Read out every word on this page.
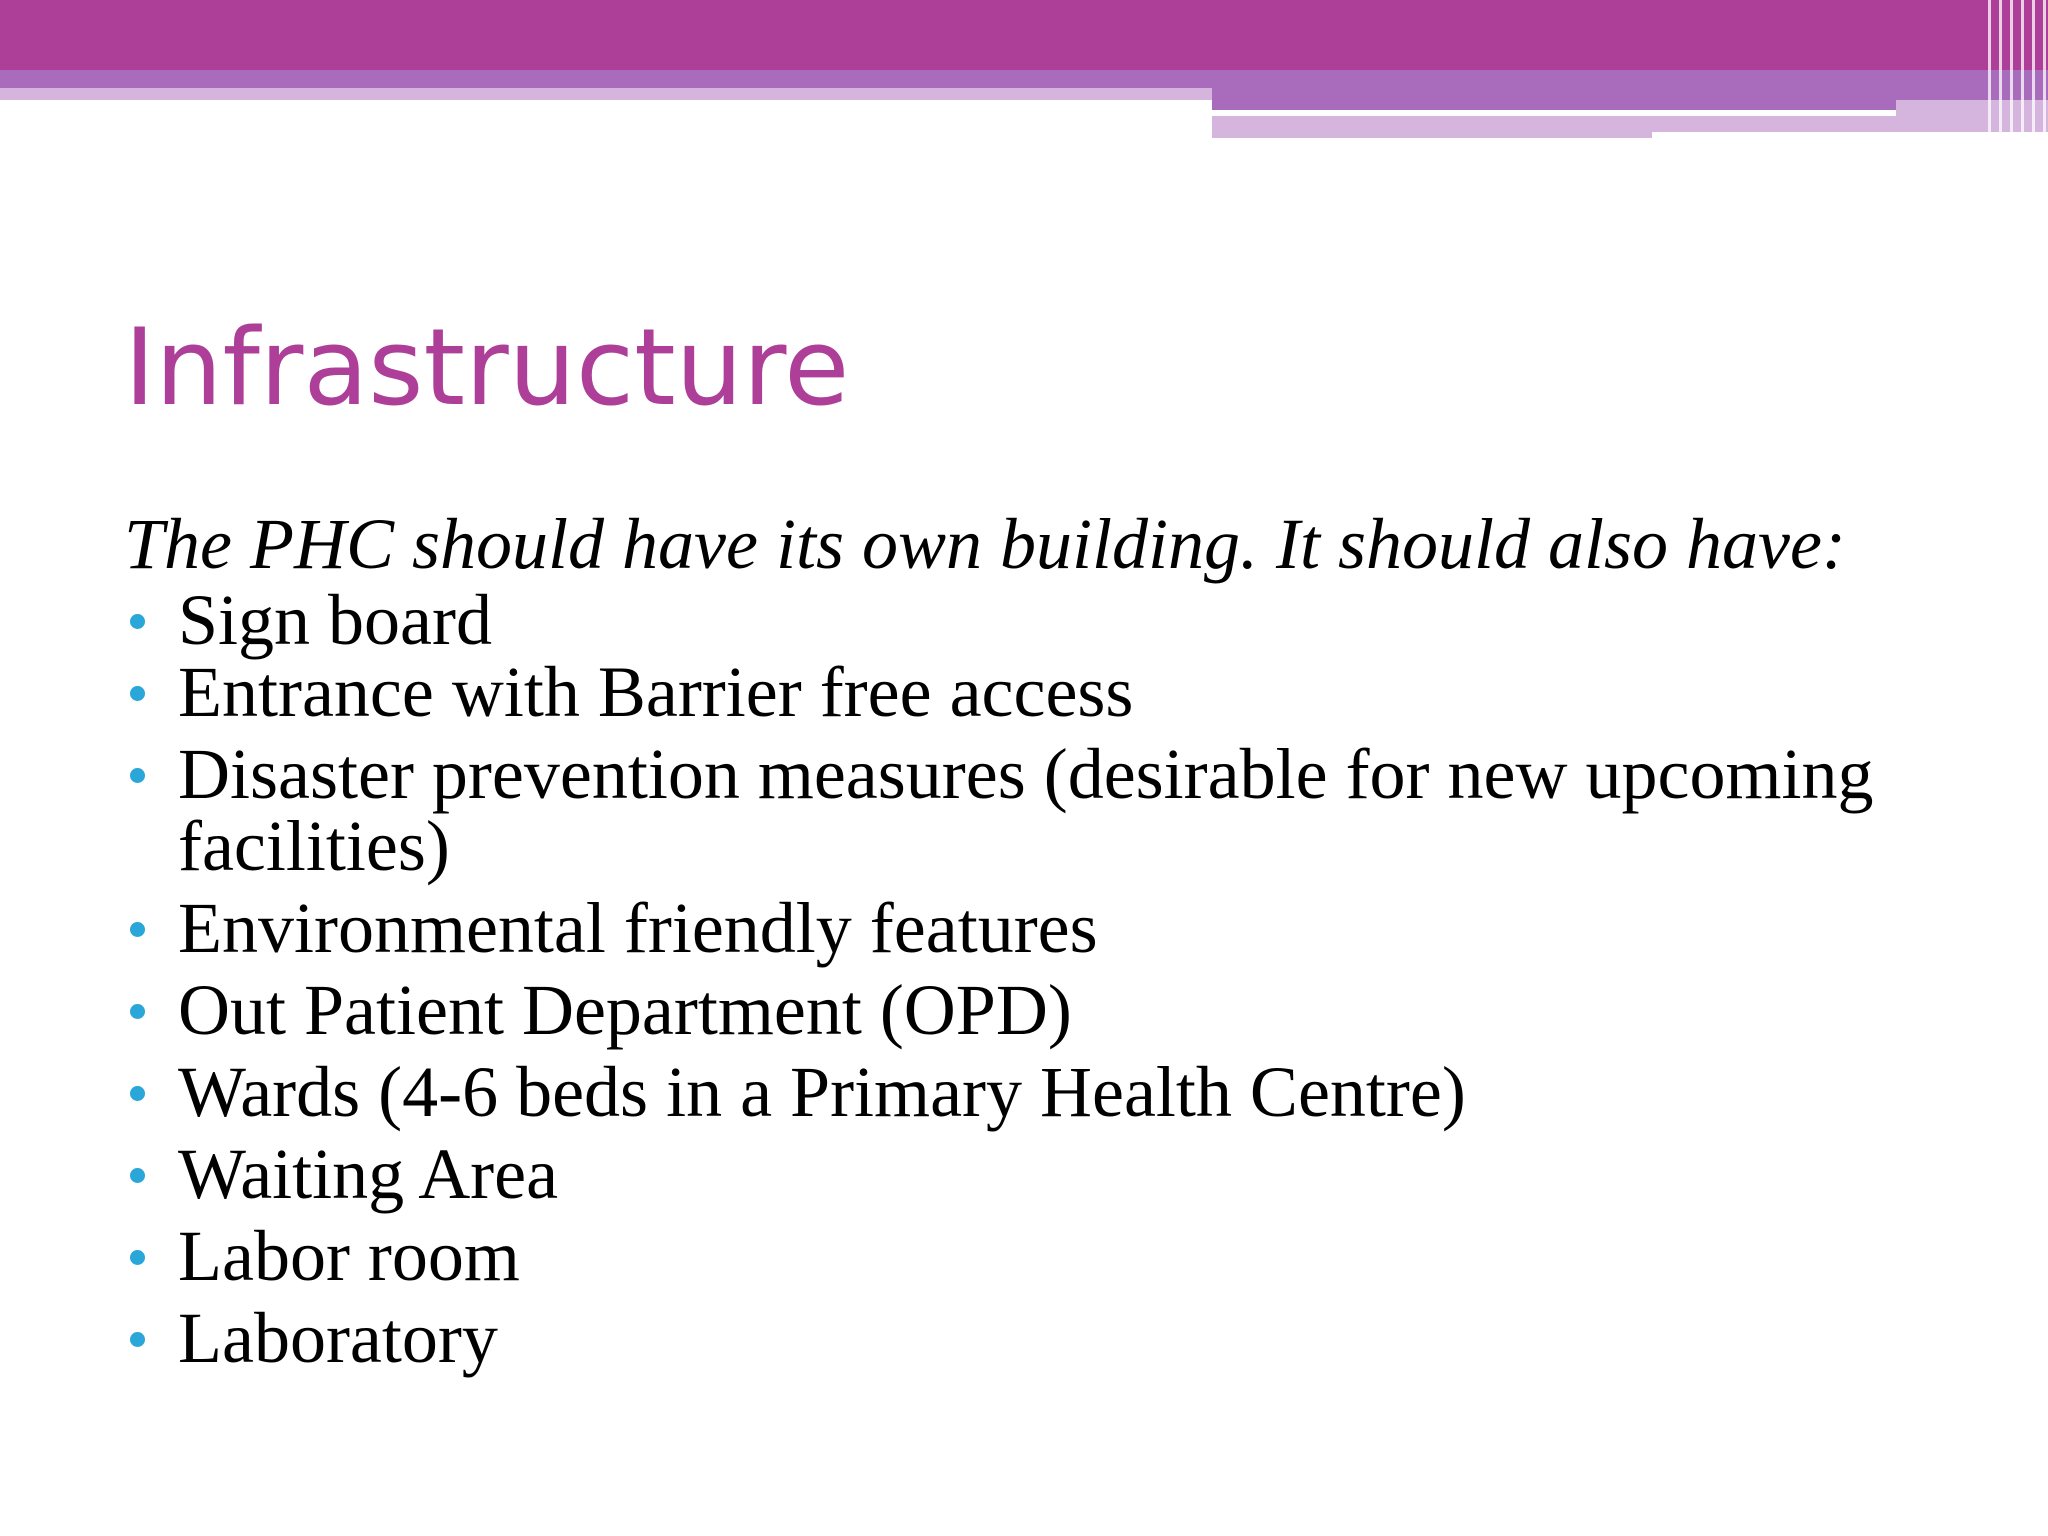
Infrastructure

The PHC should have its own building. It should also have:

Sign board
Entrance with Barrier free access
Disaster prevention measures (desirable for new upcoming facilities)
Environmental friendly features
Out Patient Department (OPD)
Wards (4-6 beds in a Primary Health Centre)
Waiting Area
Labor room
Laboratory
